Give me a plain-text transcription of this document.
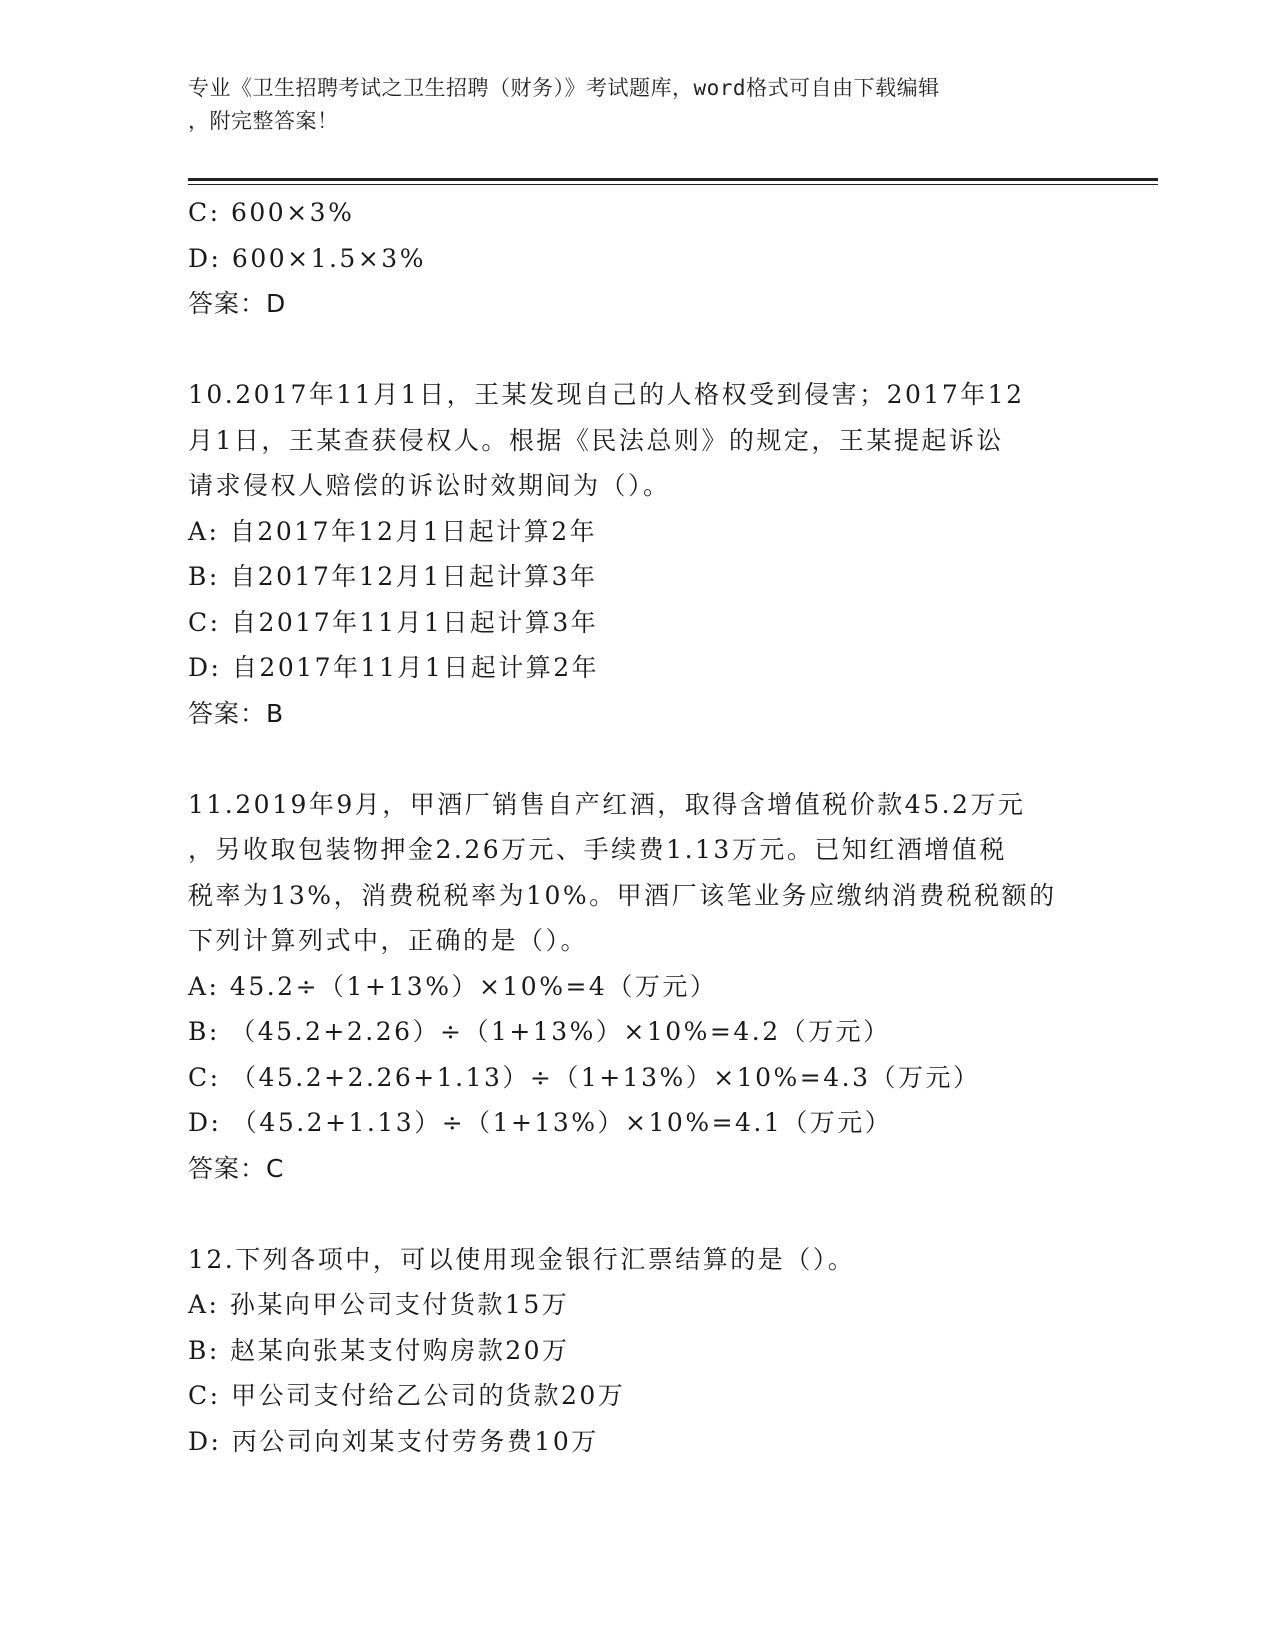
专业《卫生招聘考试之卫生招聘（财务）》考试题库，word格式可自由下载编辑
，附完整答案！
C: 600×3%
D: 600×1.5×3%
答案：D
10.2017年11月1日，王某发现自己的人格权受到侵害；2017年12
月1日，王某查获侵权人。根据《民法总则》的规定，王某提起诉讼
请求侵权人赔偿的诉讼时效期间为（）。
A: 自2017年12月1日起计算2年
B: 自2017年12月1日起计算3年
C: 自2017年11月1日起计算3年
D: 自2017年11月1日起计算2年
答案：B
11.2019年9月，甲酒厂销售自产红酒，取得含增值税价款45.2万元
，另收取包装物押金2.26万元、手续费1.13万元。已知红酒增值税
税率为13%，消费税税率为10%。甲酒厂该笔业务应缴纳消费税税额的
下列计算列式中，正确的是（）。
A: 45.2÷（1+13%）×10%=4（万元）
B: （45.2+2.26）÷（1+13%）×10%=4.2（万元）
C: （45.2+2.26+1.13）÷（1+13%）×10%=4.3（万元）
D: （45.2+1.13）÷（1+13%）×10%=4.1（万元）
答案：C
12.下列各项中，可以使用现金银行汇票结算的是（）。
A: 孙某向甲公司支付货款15万
B: 赵某向张某支付购房款20万
C: 甲公司支付给乙公司的货款20万
D: 丙公司向刘某支付劳务费10万
